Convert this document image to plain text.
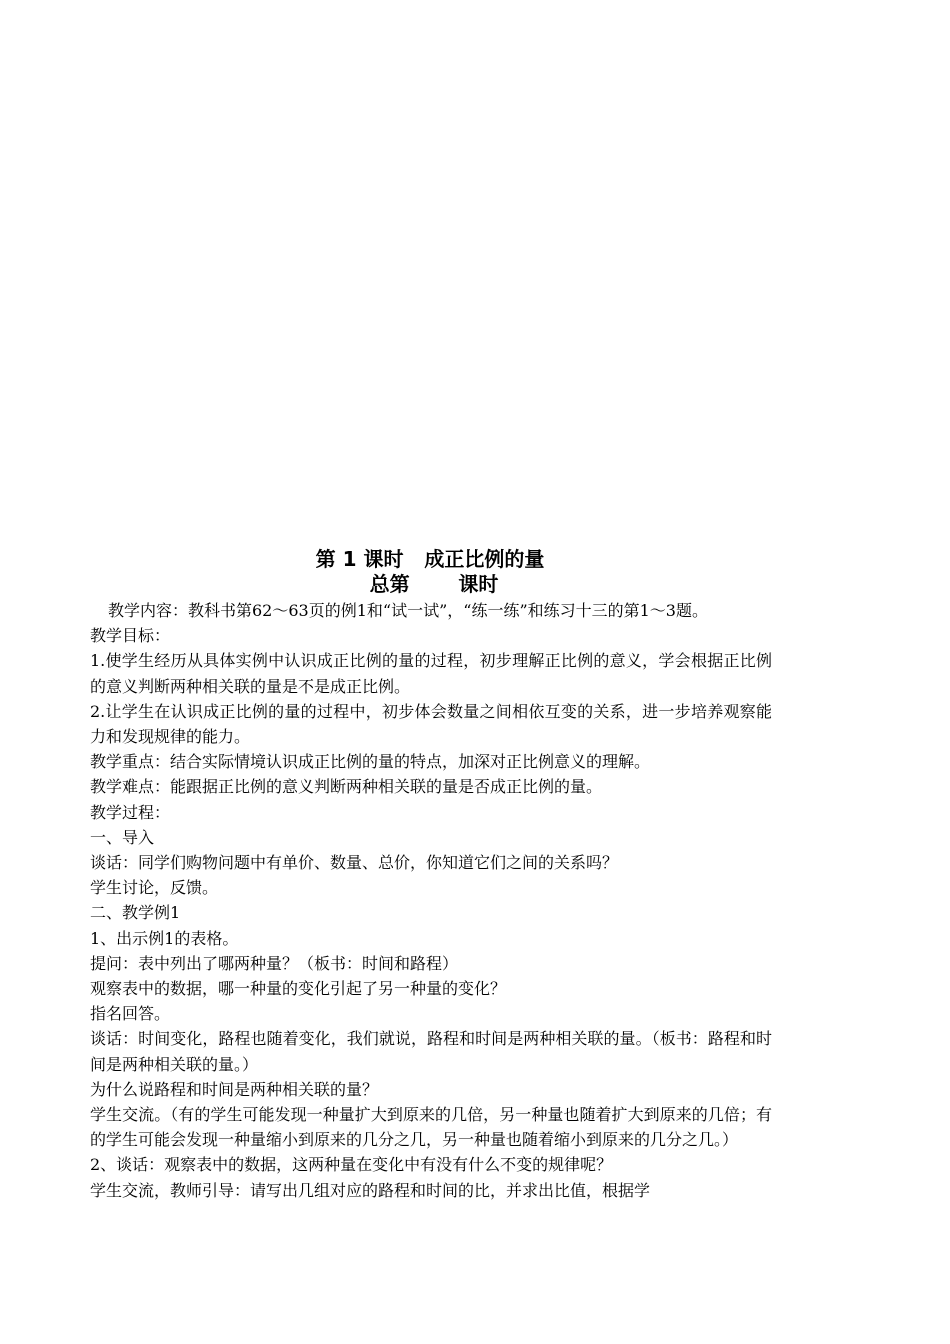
第 1 课时   成正比例的量
总第       课时

教学内容：教科书第62～63页的例1和“试一试”，“练一练”和练习十三的第1～3题。

教学目标：

1.使学生经历从具体实例中认识成正比例的量的过程，初步理解正比例的意义，学会根据正比例的意义判断两种相关联的量是不是成正比例。

2.让学生在认识成正比例的量的过程中，初步体会数量之间相依互变的关系，进一步培养观察能力和发现规律的能力。

教学重点：结合实际情境认识成正比例的量的特点，加深对正比例意义的理解。

教学难点：能跟据正比例的意义判断两种相关联的量是否成正比例的量。

教学过程：

一、导入

谈话：同学们购物问题中有单价、数量、总价，你知道它们之间的关系吗？

学生讨论，反馈。

二、教学例1

1、出示例1的表格。

提问：表中列出了哪两种量？（板书：时间和路程）

观察表中的数据，哪一种量的变化引起了另一种量的变化？

指名回答。

谈话：时间变化，路程也随着变化，我们就说，路程和时间是两种相关联的量。（板书：路程和时间是两种相关联的量。）

为什么说路程和时间是两种相关联的量？

学生交流。（有的学生可能发现一种量扩大到原来的几倍，另一种量也随着扩大到原来的几倍；有的学生可能会发现一种量缩小到原来的几分之几，另一种量也随着缩小到原来的几分之几。）

2、谈话：观察表中的数据，这两种量在变化中有没有什么不变的规律呢？

学生交流，教师引导：请写出几组对应的路程和时间的比，并求出比值，根据学
